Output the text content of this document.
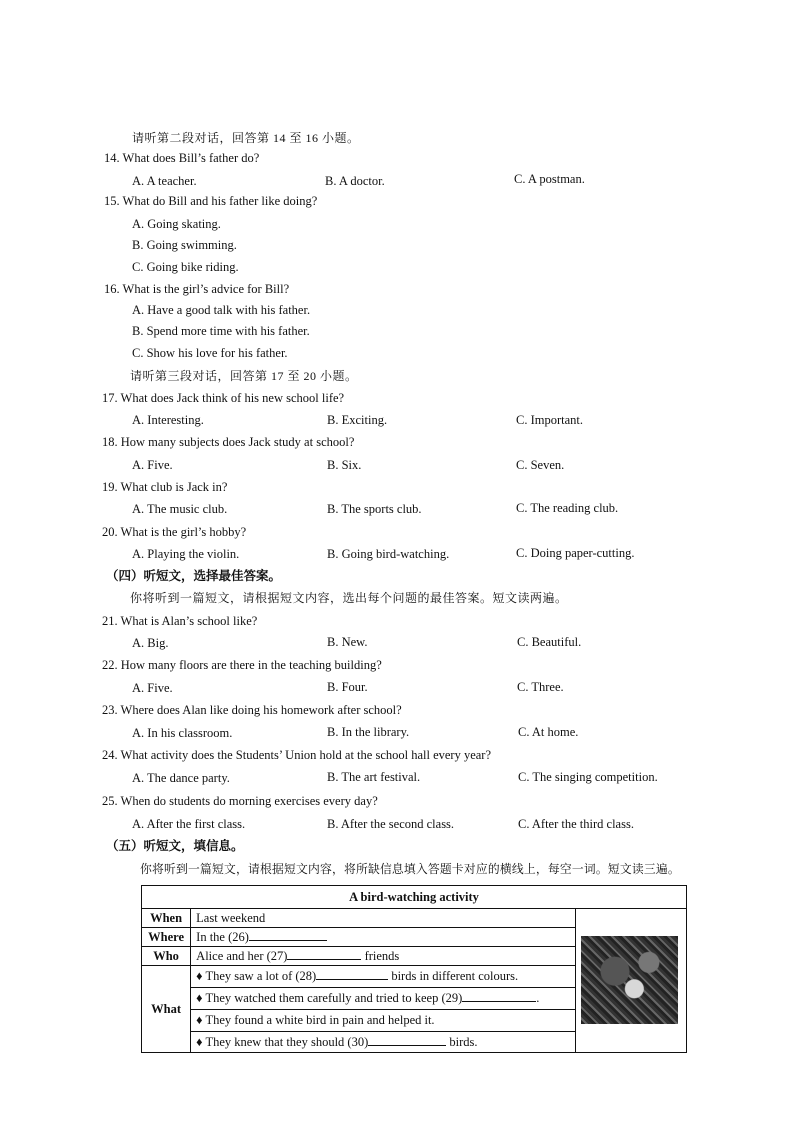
请听第二段对话，回答第 14 至 16 小题。
14. What does Bill’s father do?
A. A teacher.	B. A doctor.	C. A postman.
15. What do Bill and his father like doing?
A. Going skating.
B. Going swimming.
C. Going bike riding.
16. What is the girl’s advice for Bill?
A. Have a good talk with his father.
B. Spend more time with his father.
C. Show his love for his father.
请听第三段对话，回答第 17 至 20 小题。
17. What does Jack think of his new school life?
A. Interesting.	B. Exciting.	C. Important.
18. How many subjects does Jack study at school?
A. Five.	B. Six.	C. Seven.
19. What club is Jack in?
A. The music club.	B. The sports club.	C. The reading club.
20. What is the girl’s hobby?
A. Playing the violin.	B. Going bird-watching.	C. Doing paper-cutting.
（四）听短文，选择最佳答案。
你将听到一篇短文，请根据短文内容，选出每个问题的最佳答案。短文读两遍。
21. What is Alan’s school like?
A. Big.	B. New.	C. Beautiful.
22. How many floors are there in the teaching building?
A. Five.	B. Four.	C. Three.
23. Where does Alan like doing his homework after school?
A. In his classroom.	B. In the library.	C. At home.
24. What activity does the Students’ Union hold at the school hall every year?
A. The dance party.	B. The art festival.	C. The singing competition.
25. When do students do morning exercises every day?
A. After the first class.	B. After the second class.	C. After the third class.
（五）听短文，填信息。
你将听到一篇短文，请根据短文内容，将所缺信息填入答题卡对应的横线上，每空一词。短文读三遍。
A bird-watching activity		
When	Last weekend	
Where	In the (26)	
Who	Alice and her (27) friends	
What	♦ They saw a lot of (28) birds in different colours.
♦ They watched them carefully and tried to keep (29) .
♦ They found a white bird in pain and helped it.
♦ They knew that they should (30) birds.	
